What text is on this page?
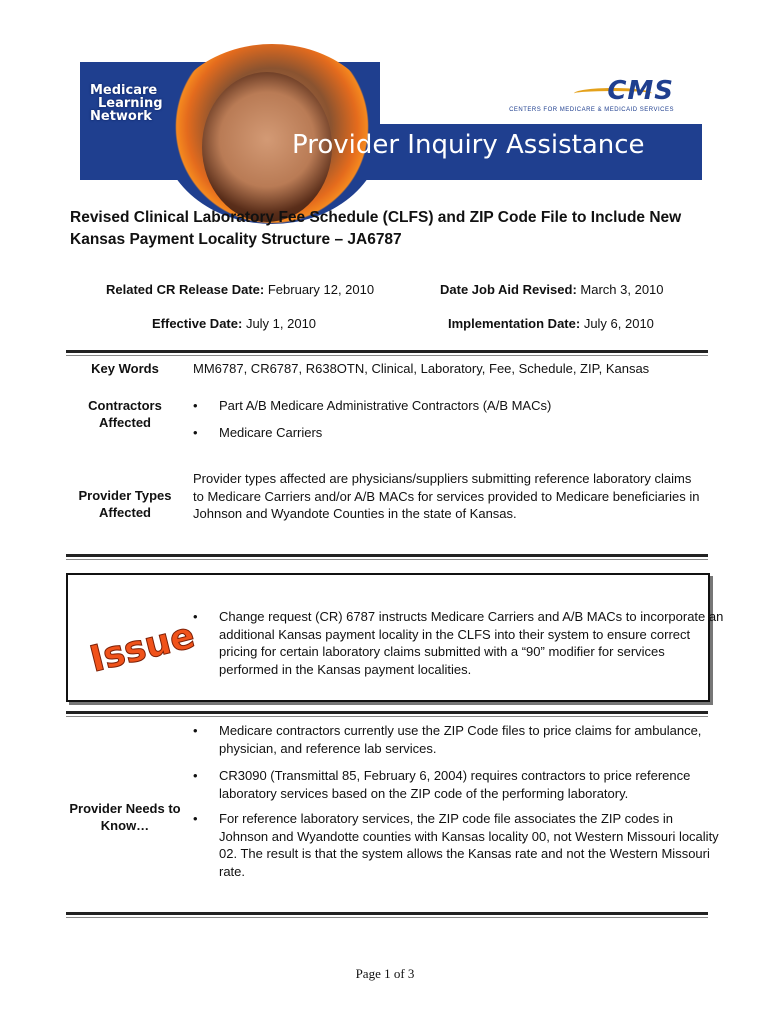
Medicare
Learning
Network
CMS
CENTERS FOR MEDICARE & MEDICAID SERVICES
Provider Inquiry Assistance
Revised Clinical Laboratory Fee Schedule (CLFS) and ZIP Code File to Include New Kansas Payment Locality Structure – JA6787
Related CR Release Date: February 12, 2010	Date Job Aid Revised: March 3, 2010
Effective Date: July 1, 2010	Implementation Date: July 6, 2010
Key Words	MM6787, CR6787, R638OTN, Clinical, Laboratory, Fee, Schedule, ZIP, Kansas
Contractors
Affected
• Part A/B Medicare Administrative Contractors (A/B MACs)
• Medicare Carriers
Provider Types
Affected
Provider types affected are physicians/suppliers submitting reference laboratory claims to Medicare Carriers and/or A/B MACs for services provided to Medicare beneficiaries in Johnson and Wyandote Counties in the state of Kansas.
Issue
•	Change request (CR) 6787 instructs Medicare Carriers and A/B MACs to incorporate an additional Kansas payment locality in the CLFS into their system to ensure correct pricing for certain laboratory claims submitted with a “90” modifier for services performed in the Kansas payment localities.
Provider Needs to
Know…
• Medicare contractors currently use the ZIP Code files to price claims for ambulance, physician, and reference lab services.
• CR3090 (Transmittal 85, February 6, 2004) requires contractors to price reference laboratory services based on the ZIP code of the performing laboratory.
• For reference laboratory services, the ZIP code file associates the ZIP codes in Johnson and Wyandotte counties with Kansas locality 00, not Western Missouri locality 02. The result is that the system allows the Kansas rate and not the Western Missouri rate.
Page 1 of 3
